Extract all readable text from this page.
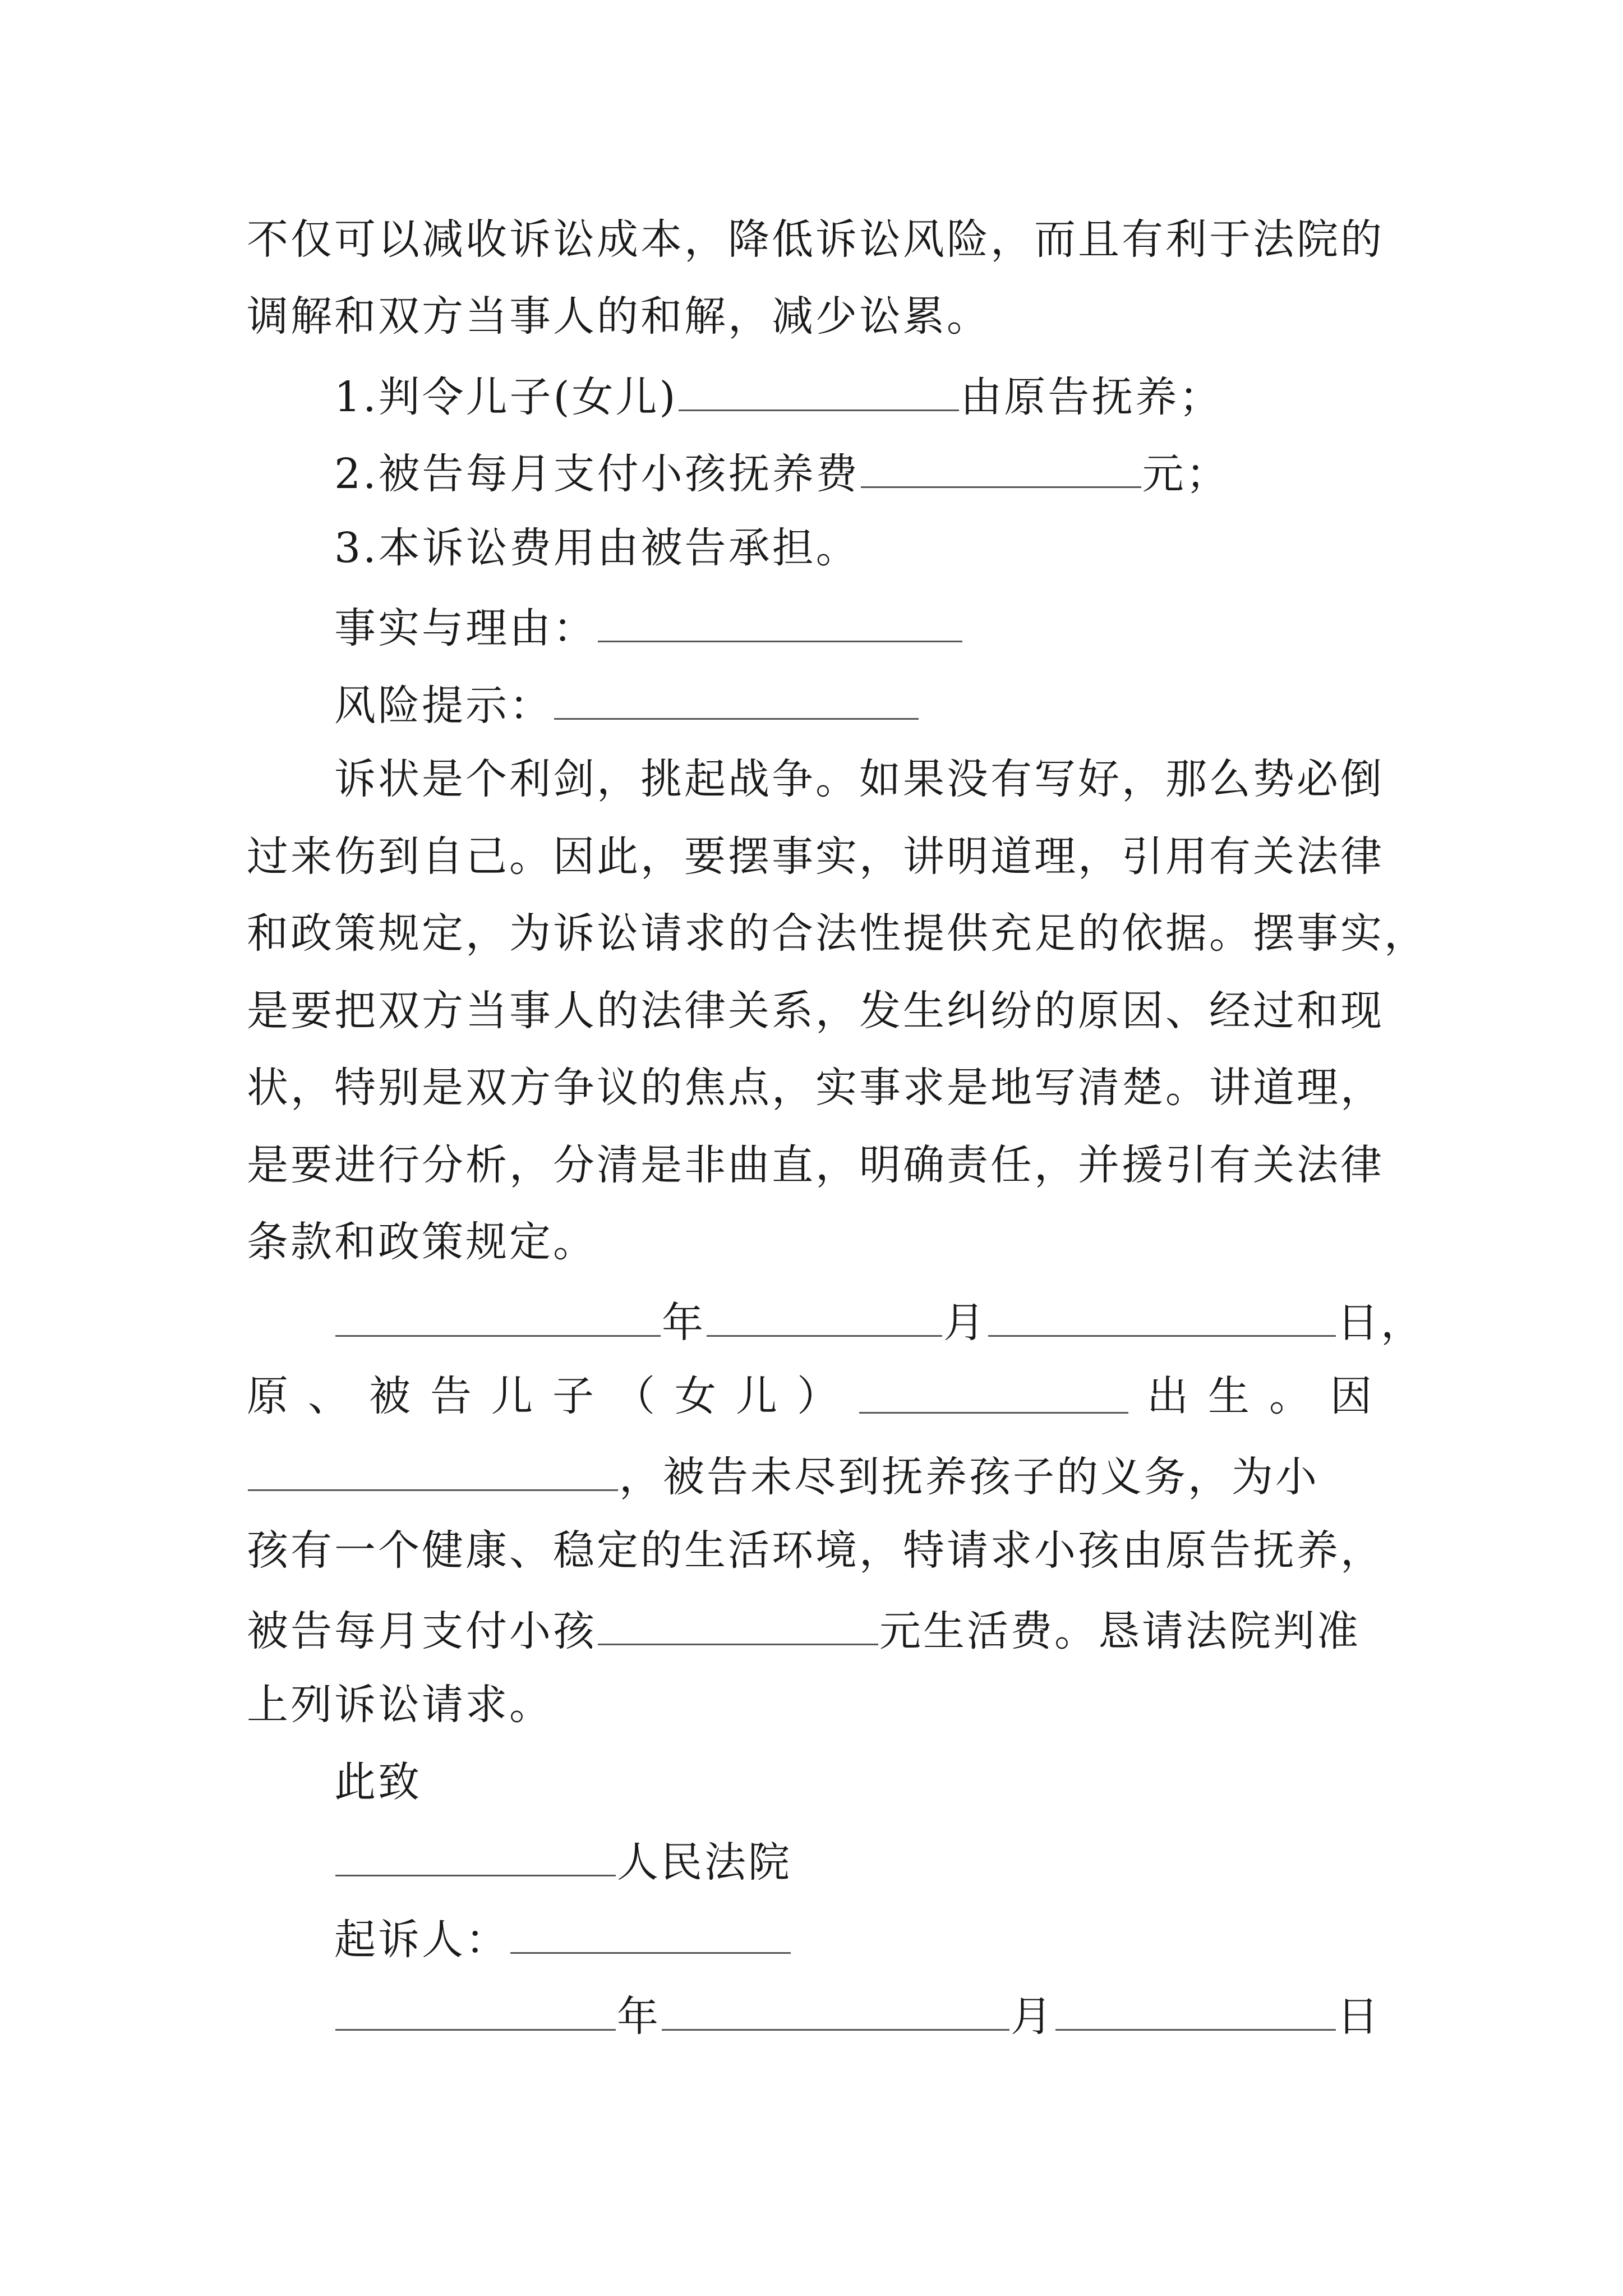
不仅可以减收诉讼成本，降低诉讼风险，而且有利于法院的
调解和双方当事人的和解，减少讼累。
1.判令儿子(女儿)	由原告抚养；
2.被告每月支付小孩抚养费	元；
3.本诉讼费用由被告承担。
事实与理由：
风险提示：
诉状是个利剑，挑起战争。如果没有写好，那么势必倒
过来伤到自己。因此，要摆事实，讲明道理，引用有关法律
和政策规定，为诉讼请求的合法性提供充足的依据。摆事实，
是要把双方当事人的法律关系，发生纠纷的原因、经过和现
状，特别是双方争议的焦点，实事求是地写清楚。讲道理，
是要进行分析，分清是非曲直，明确责任，并援引有关法律
条款和政策规定。
年	月	日，
原 、 被 告 儿 子 （ 女 儿 ）	出 生 。 因
，被告未尽到抚养孩子的义务，为小
孩有一个健康、稳定的生活环境，特请求小孩由原告抚养，
被告每月支付小孩	元生活费。恳请法院判准
上列诉讼请求。
此致
人民法院
起诉人：
年	月	日
